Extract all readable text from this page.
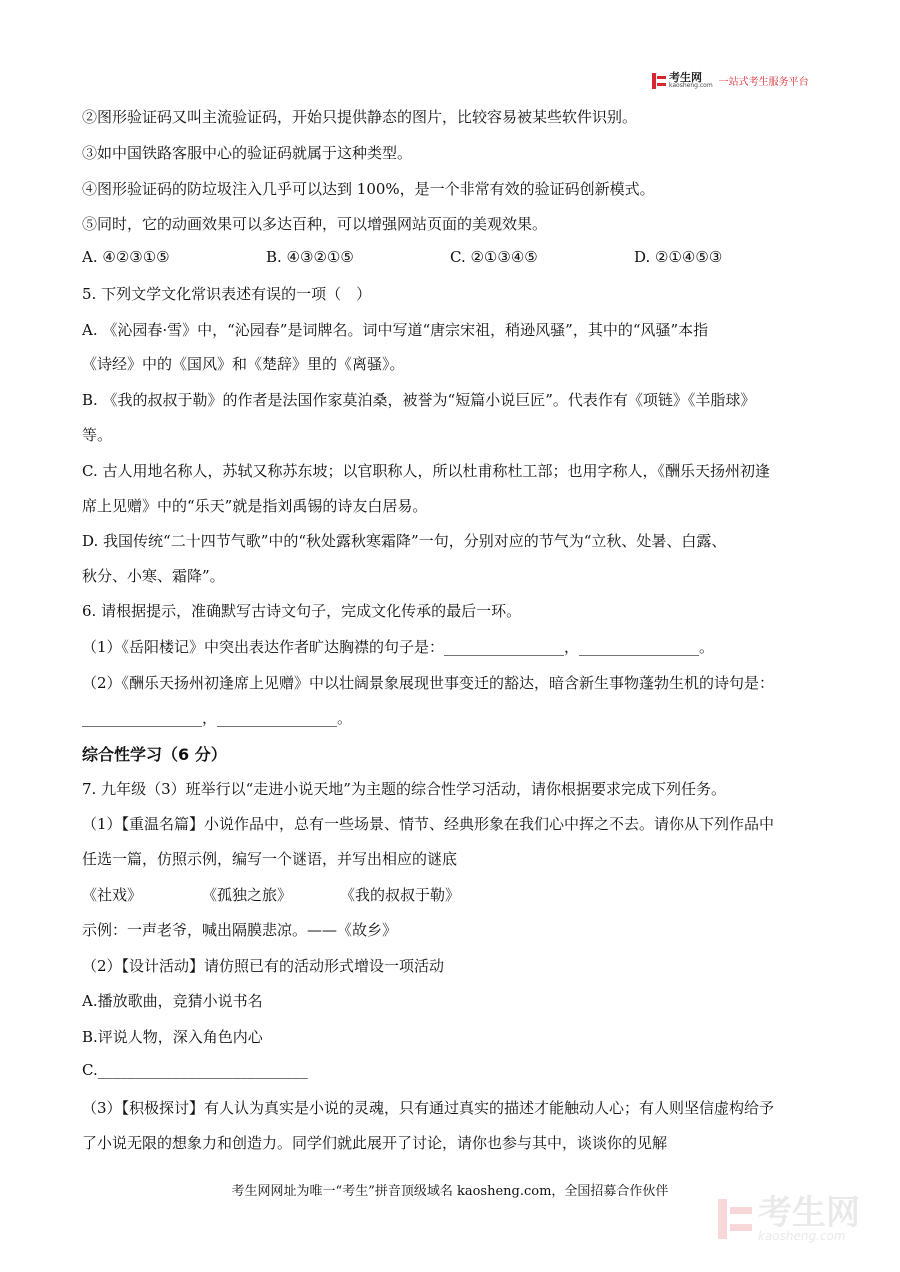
考生网
kaosheng.com 一站式考生服务平台
②图形验证码又叫主流验证码，开始只提供静态的图片，比较容易被某些软件识别。
③如中国铁路客服中心的验证码就属于这种类型。
④图形验证码的防垃圾注入几乎可以达到 100%，是一个非常有效的验证码创新模式。
⑤同时，它的动画效果可以多达百种，可以增强网站页面的美观效果。
A. ④②③①⑤	B. ④③②①⑤	C. ②①③④⑤	D. ②①④⑤③
5. 下列文学文化常识表述有误的一项（　）
A. 《沁园春·雪》中，“沁园春”是词牌名。词中写道“唐宗宋祖，稍逊风骚”，其中的“风骚”本指
《诗经》中的《国风》和《楚辞》里的《离骚》。
B. 《我的叔叔于勒》的作者是法国作家莫泊桑，被誉为“短篇小说巨匠”。代表作有《项链》《羊脂球》
等。
C. 古人用地名称人，苏轼又称苏东坡；以官职称人，所以杜甫称杜工部；也用字称人，《酬乐天扬州初逢
席上见赠》中的“乐天”就是指刘禹锡的诗友白居易。
D. 我国传统“二十四节气歌”中的“秋处露秋寒霜降”一句，分别对应的节气为“立秋、处暑、白露、
秋分、小寒、霜降”。
6. 请根据提示，准确默写古诗文句子，完成文化传承的最后一环。
（1）《岳阳楼记》中突出表达作者旷达胸襟的句子是：________________，________________。
（2）《酬乐天扬州初逢席上见赠》中以壮阔景象展现世事变迁的豁达，暗含新生事物蓬勃生机的诗句是：
________________，________________。
综合性学习（6 分）
7. 九年级（3）班举行以“走进小说天地”为主题的综合性学习活动，请你根据要求完成下列任务。
（1）【重温名篇】小说作品中，总有一些场景、情节、经典形象在我们心中挥之不去。请你从下列作品中
任选一篇，仿照示例，编写一个谜语，并写出相应的谜底
《社戏》	《孤独之旅》	《我的叔叔于勒》
示例：一声老爷，喊出隔膜悲凉。——《故乡》
（2）【设计活动】请仿照已有的活动形式增设一项活动
A.播放歌曲，竞猜小说书名
B.评说人物，深入角色内心
C.____________________________
（3）【积极探讨】有人认为真实是小说的灵魂，只有通过真实的描述才能触动人心；有人则坚信虚构给予
了小说无限的想象力和创造力。同学们就此展开了讨论，请你也参与其中，谈谈你的见解
考生网网址为唯一“考生”拼音顶级域名 kaosheng.com，全国招募合作伙伴
考生网
kaosheng.com
